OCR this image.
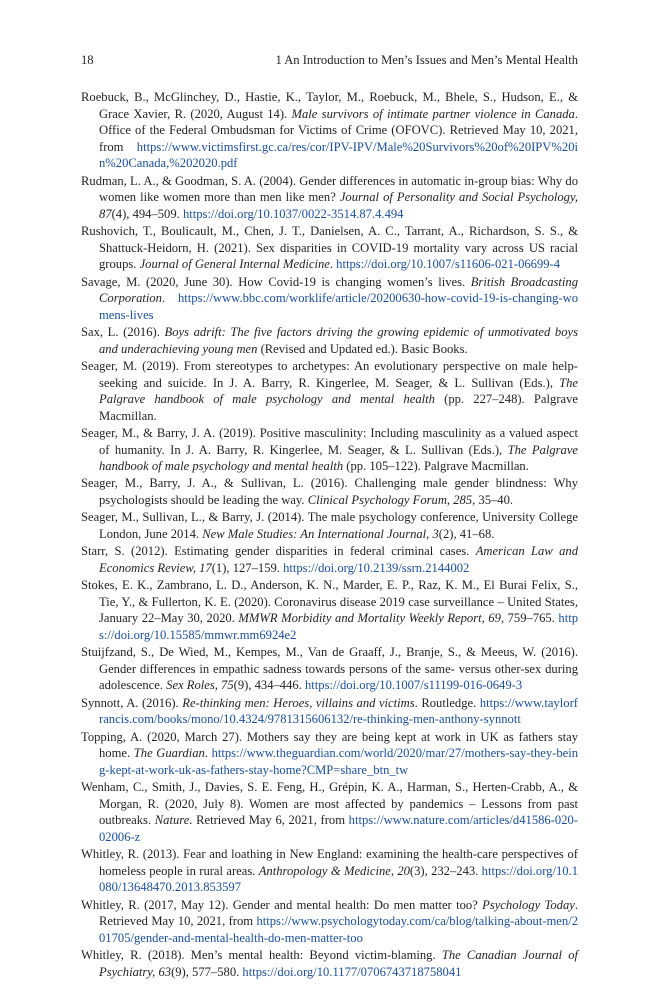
18	1 An Introduction to Men’s Issues and Men’s Mental Health
Roebuck, B., McGlinchey, D., Hastie, K., Taylor, M., Roebuck, M., Bhele, S., Hudson, E., & Grace Xavier, R. (2020, August 14). Male survivors of intimate partner violence in Canada. Office of the Federal Ombudsman for Victims of Crime (OFOVC). Retrieved May 10, 2021, from https://www.victimsfirst.gc.ca/res/cor/IPV-IPV/Male%20Survivors%20of%20IPV%20in%20Canada,%202020.pdf
Rudman, L. A., & Goodman, S. A. (2004). Gender differences in automatic in-group bias: Why do women like women more than men like men? Journal of Personality and Social Psychology, 87(4), 494–509. https://doi.org/10.1037/0022-3514.87.4.494
Rushovich, T., Boulicault, M., Chen, J. T., Danielsen, A. C., Tarrant, A., Richardson, S. S., & Shattuck-Heidorn, H. (2021). Sex disparities in COVID-19 mortality vary across US racial groups. Journal of General Internal Medicine. https://doi.org/10.1007/s11606-021-06699-4
Savage, M. (2020, June 30). How Covid-19 is changing women’s lives. British Broadcasting Corporation. https://www.bbc.com/worklife/article/20200630-how-covid-19-is-changing-womens-lives
Sax, L. (2016). Boys adrift: The five factors driving the growing epidemic of unmotivated boys and underachieving young men (Revised and Updated ed.). Basic Books.
Seager, M. (2019). From stereotypes to archetypes: An evolutionary perspective on male help-seeking and suicide. In J. A. Barry, R. Kingerlee, M. Seager, & L. Sullivan (Eds.), The Palgrave handbook of male psychology and mental health (pp. 227–248). Palgrave Macmillan.
Seager, M., & Barry, J. A. (2019). Positive masculinity: Including masculinity as a valued aspect of humanity. In J. A. Barry, R. Kingerlee, M. Seager, & L. Sullivan (Eds.), The Palgrave handbook of male psychology and mental health (pp. 105–122). Palgrave Macmillan.
Seager, M., Barry, J. A., & Sullivan, L. (2016). Challenging male gender blindness: Why psychologists should be leading the way. Clinical Psychology Forum, 285, 35–40.
Seager, M., Sullivan, L., & Barry, J. (2014). The male psychology conference, University College London, June 2014. New Male Studies: An International Journal, 3(2), 41–68.
Starr, S. (2012). Estimating gender disparities in federal criminal cases. American Law and Economics Review, 17(1), 127–159. https://doi.org/10.2139/ssrn.2144002
Stokes, E. K., Zambrano, L. D., Anderson, K. N., Marder, E. P., Raz, K. M., El Burai Felix, S., Tie, Y., & Fullerton, K. E. (2020). Coronavirus disease 2019 case surveillance – United States, January 22–May 30, 2020. MMWR Morbidity and Mortality Weekly Report, 69, 759–765. https://doi.org/10.15585/mmwr.mm6924e2
Stuijfzand, S., De Wied, M., Kempes, M., Van de Graaff, J., Branje, S., & Meeus, W. (2016). Gender differences in empathic sadness towards persons of the same- versus other-sex during adolescence. Sex Roles, 75(9), 434–446. https://doi.org/10.1007/s11199-016-0649-3
Synnott, A. (2016). Re-thinking men: Heroes, villains and victims. Routledge. https://www.taylorfrancis.com/books/mono/10.4324/9781315606132/re-thinking-men-anthony-synnott
Topping, A. (2020, March 27). Mothers say they are being kept at work in UK as fathers stay home. The Guardian. https://www.theguardian.com/world/2020/mar/27/mothers-say-they-being-kept-at-work-uk-as-fathers-stay-home?CMP=share_btn_tw
Wenham, C., Smith, J., Davies, S. E. Feng, H., Grépin, K. A., Harman, S., Herten-Crabb, A., & Morgan, R. (2020, July 8). Women are most affected by pandemics – Lessons from past outbreaks. Nature. Retrieved May 6, 2021, from https://www.nature.com/articles/d41586-020-02006-z
Whitley, R. (2013). Fear and loathing in New England: examining the health-care perspectives of homeless people in rural areas. Anthropology & Medicine, 20(3), 232–243. https://doi.org/10.1080/13648470.2013.853597
Whitley, R. (2017, May 12). Gender and mental health: Do men matter too? Psychology Today. Retrieved May 10, 2021, from https://www.psychologytoday.com/ca/blog/talking-about-men/201705/gender-and-mental-health-do-men-matter-too
Whitley, R. (2018). Men’s mental health: Beyond victim-blaming. The Canadian Journal of Psychiatry, 63(9), 577–580. https://doi.org/10.1177/0706743718758041
